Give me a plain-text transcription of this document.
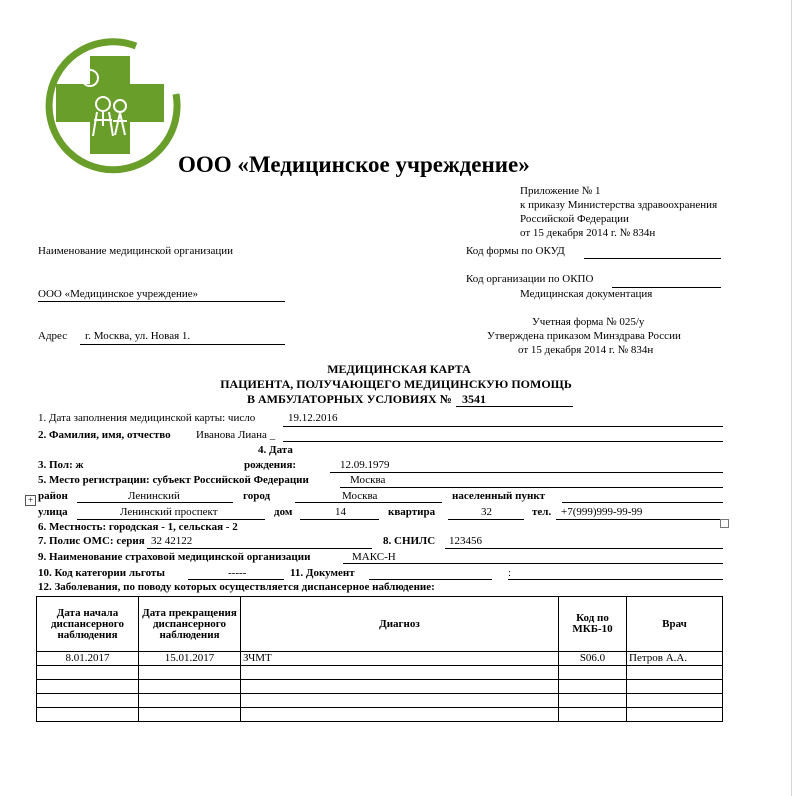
ООО «Медицинское учреждение»
Приложение № 1
к приказу Министерства здравоохранения
Российской Федерации
от 15 декабря 2014 г. № 834н
Наименование медицинской организации
ООО «Медицинское учреждение»
Адрес г. Москва, ул. Новая 1.
Код формы по ОКУД
Код организации по ОКПО
Медицинская документация
Учетная форма № 025/у
Утверждена приказом Минздрава России
от 15 декабря 2014 г. № 834н
МЕДИЦИНСКАЯ КАРТА
ПАЦИЕНТА, ПОЛУЧАЮЩЕГО МЕДИЦИНСКУЮ ПОМОЩЬ
В АМБУЛАТОРНЫХ УСЛОВИЯХ № 3541
1. Дата заполнения медицинской карты: число	19.12.2016
2. Фамилия, имя, отчество Иванова Лиана _
3. Пол: ж
4. Дата
рождения:	12.09.1979
5. Место регистрации: субъект Российской Федерации	Москва
+ район	Ленинский	город	Москва	населенный пункт
улица	Ленинский проспект	дом	14	квартира	32	тел. +7(999)999-99-99
6. Местность: городская - 1, сельская - 2
7. Полис ОМС: серия 32 42122	8. СНИЛС 123456
9. Наименование страховой медицинской организации	МАКС-Н
10. Код категории льготы	-----	11. Документ	:
12. Заболевания, по поводу которых осуществляется диспансерное наблюдение:
Дата начала диспансерного наблюдения	Дата прекращения диспансерного наблюдения	Диагноз	Код по МКБ-10	Врач
8.01.2017	15.01.2017	ЗЧМТ	S06.0	Петров А.А.
